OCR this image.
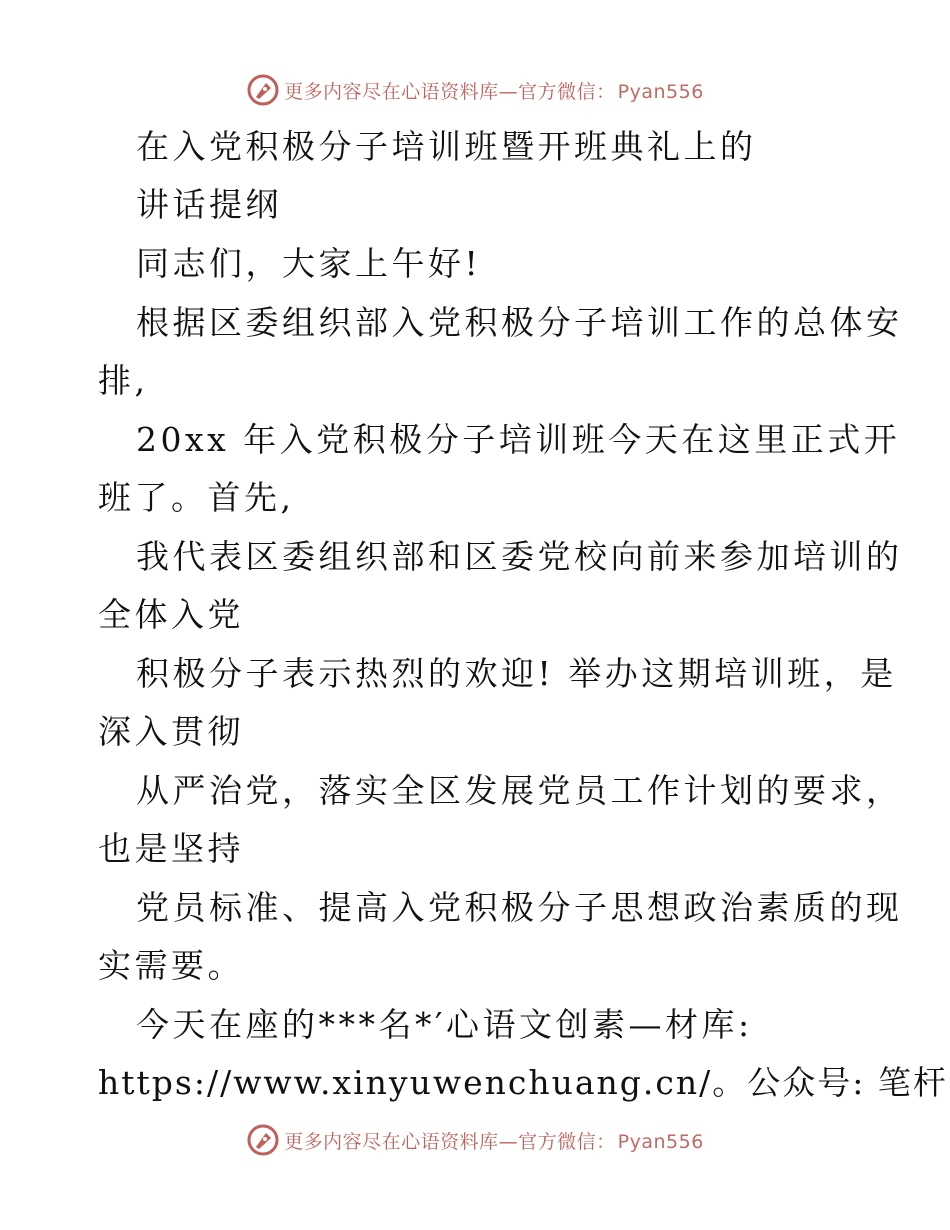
更多内容尽在心语资料库—官方微信： Pyan556
在入党积极分子培训班暨开班典礼上的
讲话提纲
同志们，大家上午好!
根据区委组织部入党积极分子培训工作的总体安
排,
20xx 年入党积极分子培训班今天在这里正式开
班了。首先,
我代表区委组织部和区委党校向前来参加培训的
全体入党
积极分子表示热烈的欢迎! 举办这期培训班，是
深入贯彻
从严治党，落实全区发展党员工作计划的要求，
也是坚持
党员标准、提高入党积极分子思想政治素质的现
实需要。
今天在座的***名*′心语文创素—材库:
https://www.xinyuwenchuang.cn/。公众号: 笔杆
更多内容尽在心语资料库—官方微信： Pyan556
